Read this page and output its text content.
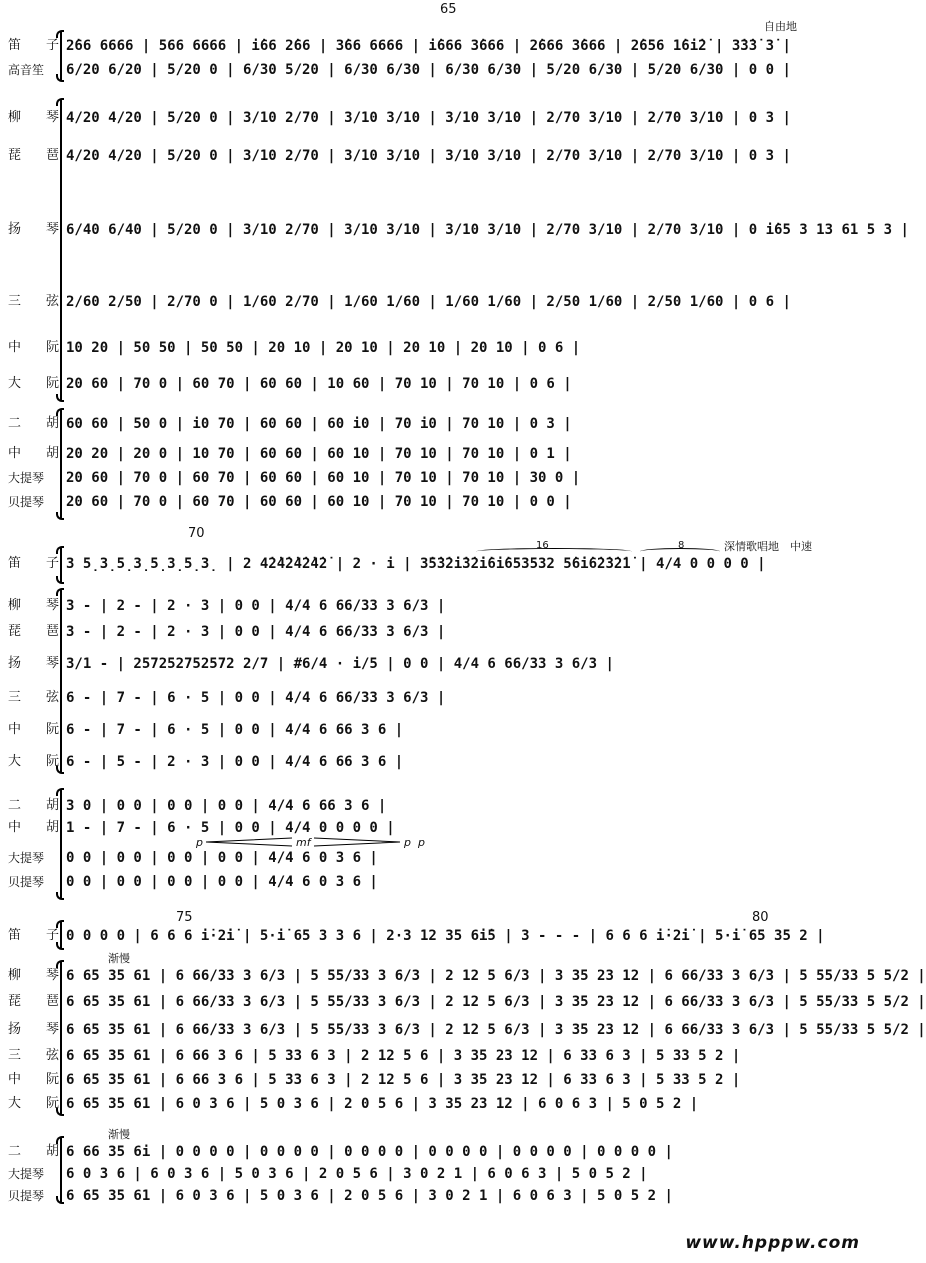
65
自由地
笛　子 2̇66 6666 | 566 6666 | i̇66 2̇66 | 3̇66 6666 | i̇666 3̇666 | 2̇666 3̇666 | 2̇656 1̇6i̇2̇ | 3̇3̇3̇ 3̇ |
高音笙	6/20 6/20 | 5/20 0 | 6/30 5/20 | 6/30 6/30 | 6/30 6/30 | 5/20 6/30 | 5/20 6/30 | 0 0 |
柳　琴 4/20 4/20 | 5/20 0 | 3/10 2/70 | 3/10 3/10 | 3/10 3/10 | 2/70 3/10 | 2/70 3/10 | 0 3 |
琵　琶 4/20 4/20 | 5/20 0 | 3/10 2/70 | 3/10 3/10 | 3/10 3/10 | 2/70 3/10 | 2/70 3/10 | 0 3 |
扬　琴 6/40 6/40 | 5/20 0 | 3/10 2/70 | 3/10 3/10 | 3/10 3/10 | 2/70 3/10 | 2/70 3/10 | 0 i̇65 3 13 61 5 3 |
三　弦 2/60 2/50 | 2/70 0 | 1/60 2/70 | 1/60 1/60 | 1/60 1/60 | 2/50 1/60 | 2/50 1/60 | 0 6 |
中　阮 10 20 | 50 50 | 50 50 | 20 10 | 20 10 | 20 10 | 20 10 | 0 6 |
大　阮 20 60 | 70 0 | 60 70 | 60 60 | 10 60 | 70 10 | 70 10 | 0 6 |
二　胡 60 60 | 50 0 | i0 70 | 60 60 | 60 i0 | 70 i0 | 70 10 | 0 3 |
中　胡 20 20 | 20 0 | 10 70 | 60 60 | 60 10 | 70 10 | 70 10 | 0 1 |
大提琴	20 60 | 70 0 | 60 70 | 60 60 | 60 10 | 70 10 | 70 10 | 30 0 |
贝提琴	20 60 | 70 0 | 60 70 | 60 60 | 60 10 | 70 10 | 70 10 | 0 0 |
70
深情歌唱地　中速
16	8
笛　子 3 5̣3̣5̣3̣5̣3̣5̣3̣ | 2 4̇2̇4̇2̇4̇2̇4̇2̇ | 2 · i | 3̇5̇3̇2̇i̇3̇2̇i̇6i̇653532 5̇6̇i̇6̇2̇3̇2̇1̇ | 4/4 0 0 0 0 |
柳　琴 3 - | 2 - | 2 · 3 | 0 0 | 4/4 6 66/33 3 6/3 |
琵　琶 3 - | 2 - | 2 · 3 | 0 0 | 4/4 6 66/33 3 6/3 |
扬　琴 3/1 - | 257252752572 2/7 | #6/4 · i/5 | 0 0 | 4/4 6 66/33 3 6/3 |
三　弦 6 - | 7 - | 6 · 5 | 0 0 | 4/4 6 66/33 3 6/3 |
中　阮 6 - | 7 - | 6 · 5 | 0 0 | 4/4 6 66 3 6 |
大　阮 6 - | 5 - | 2 · 3 | 0 0 | 4/4 6 66 3 6 |
二　胡 3 0 | 0 0 | 0 0 | 0 0 | 4/4 6 66 3 6 |
中　胡 1 - | 7 - | 6 · 5 | 0 0 | 4/4 0 0 0 0 |
大提琴	0 0 | 0 0 | 0 0 | 0 0 | 4/4 6 0 3 6 |
贝提琴	0 0 | 0 0 | 0 0 | 0 0 | 4/4 6 0 3 6 |
p	mf	p p
75	80
渐慢
渐慢
笛　子 0 0 0 0 | 6 6 6 i̇·2̇i̇ | 5·i̇ 65 3 3 6 | 2·3 12 35 6i̇5 | 3 - - - | 6 6 6 i̇·2̇i̇ | 5·i̇ 65 35 2 |
柳　琴 6 65 35 61 | 6 66/33 3 6/3 | 5 55/33 3 6/3 | 2 12 5 6/3 | 3 35 23 12 | 6 66/33 3 6/3 | 5 55/33 5 5/2 |
琵　琶 6 65 35 61 | 6 66/33 3 6/3 | 5 55/33 3 6/3 | 2 12 5 6/3 | 3 35 23 12 | 6 66/33 3 6/3 | 5 55/33 5 5/2 |
扬　琴 6 65 35 61 | 6 66/33 3 6/3 | 5 55/33 3 6/3 | 2 12 5 6/3 | 3 35 23 12 | 6 66/33 3 6/3 | 5 55/33 5 5/2 |
三　弦 6 65 35 61 | 6 66 3 6 | 5 33 6 3 | 2 12 5 6 | 3 35 23 12 | 6 33 6 3 | 5 33 5 2 |
中　阮 6 65 35 61 | 6 66 3 6 | 5 33 6 3 | 2 12 5 6 | 3 35 23 12 | 6 33 6 3 | 5 33 5 2 |
大　阮 6 65 35 61 | 6 0 3 6 | 5 0 3 6 | 2 0 5 6 | 3 35 23 12 | 6 0 6 3 | 5 0 5 2 |
二　胡 6 66 35 6i | 0 0 0 0 | 0 0 0 0 | 0 0 0 0 | 0 0 0 0 | 0 0 0 0 | 0 0 0 0 |
大提琴	6 0 3 6 | 6 0 3 6 | 5 0 3 6 | 2 0 5 6 | 3 0 2 1 | 6 0 6 3 | 5 0 5 2 |
贝提琴	6 65 35 61 | 6 0 3 6 | 5 0 3 6 | 2 0 5 6 | 3 0 2 1 | 6 0 6 3 | 5 0 5 2 |
www.hpppw.com
